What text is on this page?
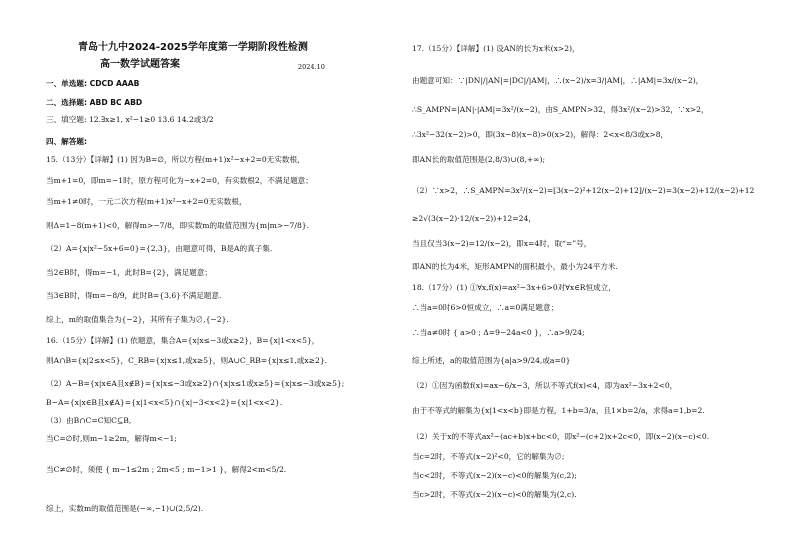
青岛十九中2024-2025学年度第一学期阶段性检测
高一数学试题答案	2024.10
一、单选题: CDCD AAAB
二、选择题: ABD BC ABD
三、填空题: 12.∃x≥1, x²−1≥0 13.6 14.2或3/2
四、解答题:
15.（13分）【详解】(1) 因为B=∅，所以方程(m+1)x²−x+2=0无实数根，
当m+1=0，即m=−1时，原方程可化为−x+2=0，有实数根2，不满足题意；
当m+1≠0时，一元二次方程(m+1)x²−x+2=0无实数根，
则Δ=1−8(m+1)<0，解得m>−7/8，即实数m的取值范围为{m|m>−7/8}.
（2）A={x|x²−5x+6=0}={2,3}，由题意可得，B是A的真子集.
当2∈B时，得m=−1，此时B={2}，满足题意；
当3∈B时，得m=−8/9，此时B={3,6}不满足题意.
综上，m的取值集合为{−2}，其所有子集为∅,{−2}.
16.（15分）【详解】(1) 依题意，集合A={x|x≤−3或x≥2}，B={x|1<x<5}，
则A∩B={x|2≤x<5}，C_RB={x|x≤1,或x≥5}，则A∪C_RB={x|x≤1,或x≥2}.
（2）A−B={x|x∈A且x∉B}={x|x≤−3或x≥2}∩{x|x≤1或x≥5}={x|x≤−3或x≥5};
B−A={x|x∈B且x∉A}={x|1<x<5}∩{x|−3<x<2}={x|1<x<2}.
（3）由B∩C=C知C⊆B,
当C=∅时,则m−1≥2m，解得m<−1;
当C≠∅时，须使 { m−1≤2m ; 2m<5 ; m−1>1 }，解得2<m<5/2.
综上，实数m的取值范围是(−∞,−1)∪(2,5/2).
17.（15分）【详解】(1) 设AN的长为x米(x>2)，
由题意可知：∵|DN|/|AN|=|DC|/|AM|，∴(x−2)/x=3/|AM|，∴|AM|=3x/(x−2)，
∴S_AMPN=|AN|·|AM|=3x²/(x−2)，由S_AMPN>32，得3x²/(x−2)>32，∵x>2，
∴3x²−32(x−2)>0，即(3x−8)(x−8)>0(x>2)，解得：2<x<8/3或x>8，
即AN长的取值范围是(2,8/3)∪(8,+∞);
（2）∵x>2，∴S_AMPN=3x²/(x−2)=[3(x−2)²+12(x−2)+12]/(x−2)=3(x−2)+12/(x−2)+12
≥2√(3(x−2)·12/(x−2))+12=24，
当且仅当3(x−2)=12/(x−2)，即x=4时，取“=”号，
即AN的长为4米，矩形AMPN的面积最小，最小为24平方米.
18.（17分）(1) ①∀x,f(x)=ax²−3x+6>0对∀x∈R恒成立，
∴当a=0时6>0恒成立，∴a=0满足题意；
∴当a≠0时 { a>0 ; Δ=9−24a<0 }，∴a>9/24;
综上所述，a的取值范围为{a|a>9/24,或a=0}
（2）①因为函数f(x)=ax−6/x−3，所以不等式f(x)<4，即为ax²−3x+2<0，
由于不等式的解集为{x|1<x<b}即是方程，1+b=3/a，且1×b=2/a，求得a=1,b=2.
（2）关于x的不等式ax²−(ac+b)x+bc<0，即x²−(c+2)x+2c<0，即(x−2)(x−c)<0.
当c=2时，不等式(x−2)²<0，它的解集为∅;
当c<2时，不等式(x−2)(x−c)<0的解集为(c,2);
当c>2时，不等式(x−2)(x−c)<0的解集为(2,c).
